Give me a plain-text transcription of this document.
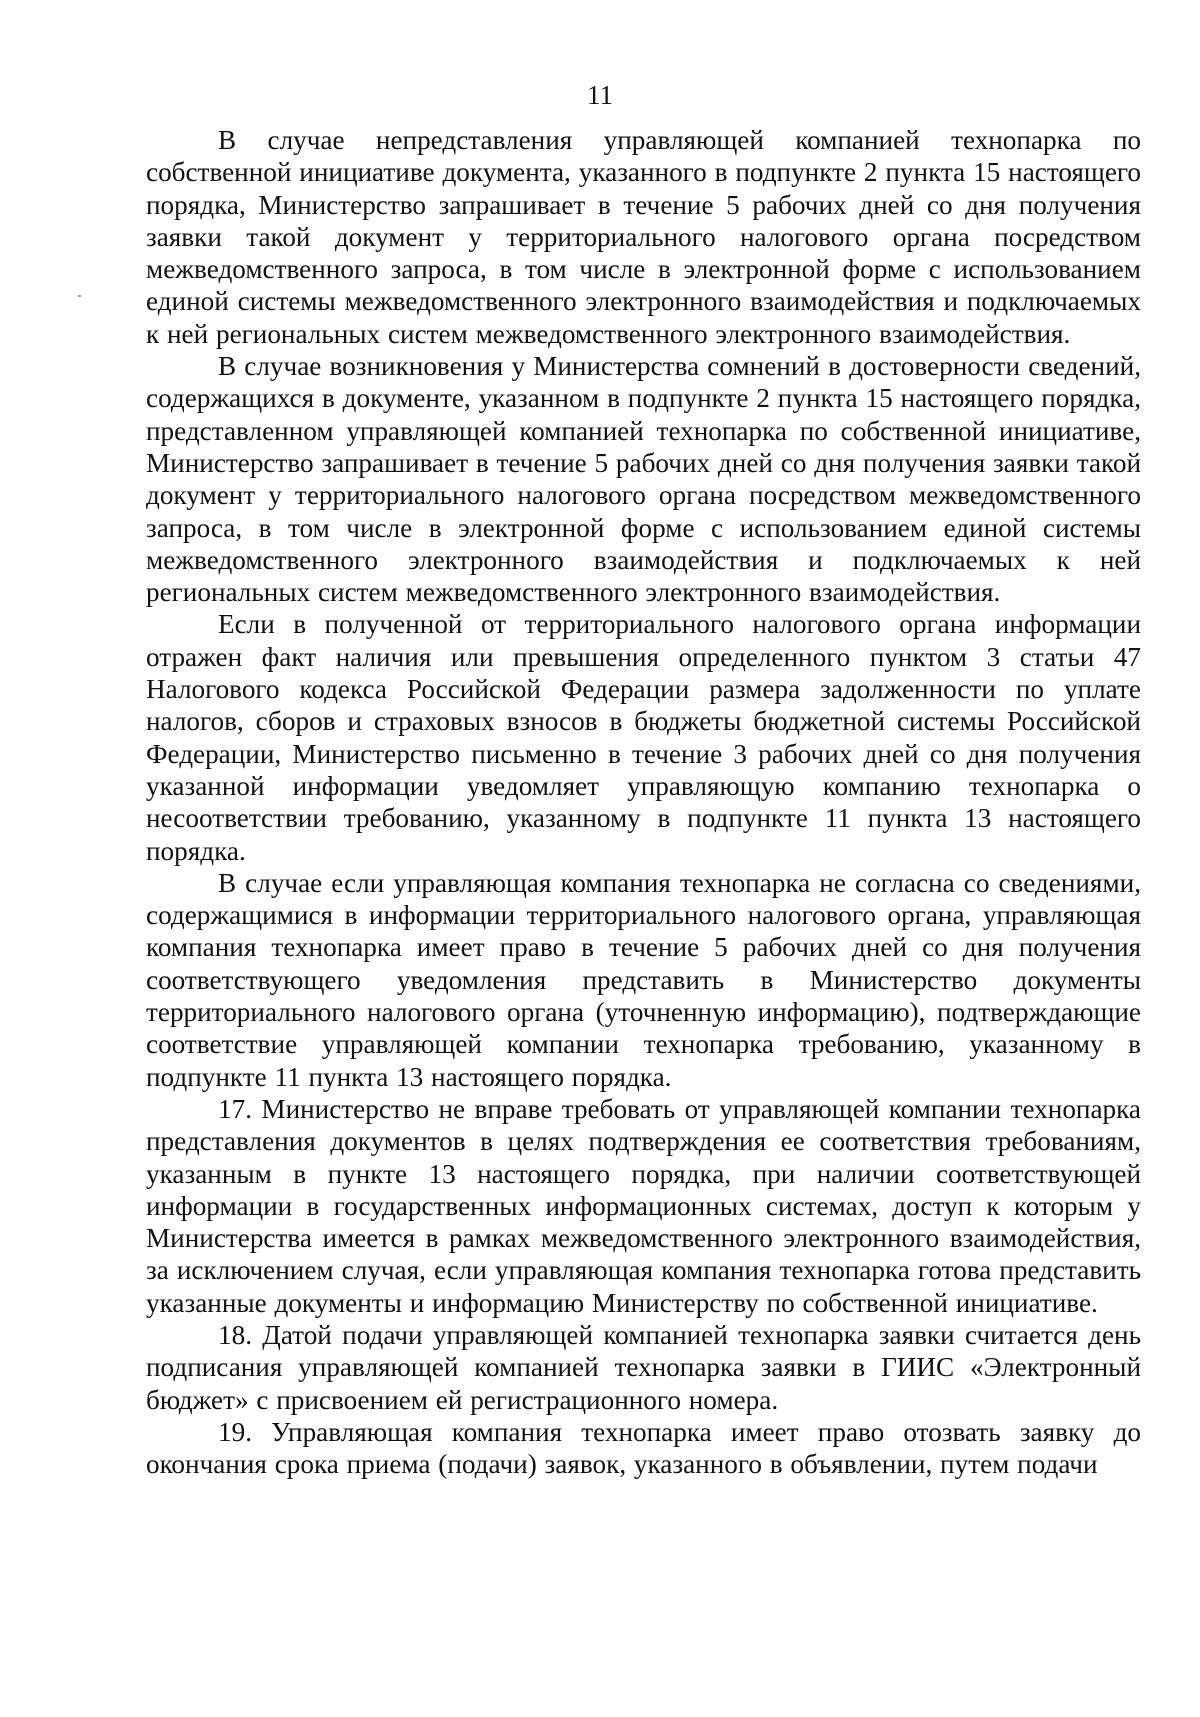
11

В случае непредставления управляющей компанией технопарка по собственной инициативе документа, указанного в подпункте 2 пункта 15 настоящего порядка, Министерство запрашивает в течение 5 рабочих дней со дня получения заявки такой документ у территориального налогового органа посредством межведомственного запроса, в том числе в электронной форме с использованием единой системы межведомственного электронного взаимодействия и подключаемых к ней региональных систем межведомственного электронного взаимодействия.

В случае возникновения у Министерства сомнений в достоверности сведений, содержащихся в документе, указанном в подпункте 2 пункта 15 настоящего порядка, представленном управляющей компанией технопарка по собственной инициативе, Министерство запрашивает в течение 5 рабочих дней со дня получения заявки такой документ у территориального налогового органа посредством межведомственного запроса, в том числе в электронной форме с использованием единой системы межведомственного электронного взаимодействия и подключаемых к ней региональных систем межведомственного электронного взаимодействия.

Если в полученной от территориального налогового органа информации отражен факт наличия или превышения определенного пунктом 3 статьи 47 Налогового кодекса Российской Федерации размера задолженности по уплате налогов, сборов и страховых взносов в бюджеты бюджетной системы Российской Федерации, Министерство письменно в течение 3 рабочих дней со дня получения указанной информации уведомляет управляющую компанию технопарка о несоответствии требованию, указанному в подпункте 11 пункта 13 настоящего порядка.

В случае если управляющая компания технопарка не согласна со сведениями, содержащимися в информации территориального налогового органа, управляющая компания технопарка имеет право в течение 5 рабочих дней со дня получения соответствующего уведомления представить в Министерство документы территориального налогового органа (уточненную информацию), подтверждающие соответствие управляющей компании технопарка требованию, указанному в подпункте 11 пункта 13 настоящего порядка.

17. Министерство не вправе требовать от управляющей компании технопарка представления документов в целях подтверждения ее соответствия требованиям, указанным в пункте 13 настоящего порядка, при наличии соответствующей информации в государственных информационных системах, доступ к которым у Министерства имеется в рамках межведомственного электронного взаимодействия, за исключением случая, если управляющая компания технопарка готова представить указанные документы и информацию Министерству по собственной инициативе.

18. Датой подачи управляющей компанией технопарка заявки считается день подписания управляющей компанией технопарка заявки в ГИИС «Электронный бюджет» с присвоением ей регистрационного номера.

19. Управляющая компания технопарка имеет право отозвать заявку до окончания срока приема (подачи) заявок, указанного в объявлении, путем подачи
